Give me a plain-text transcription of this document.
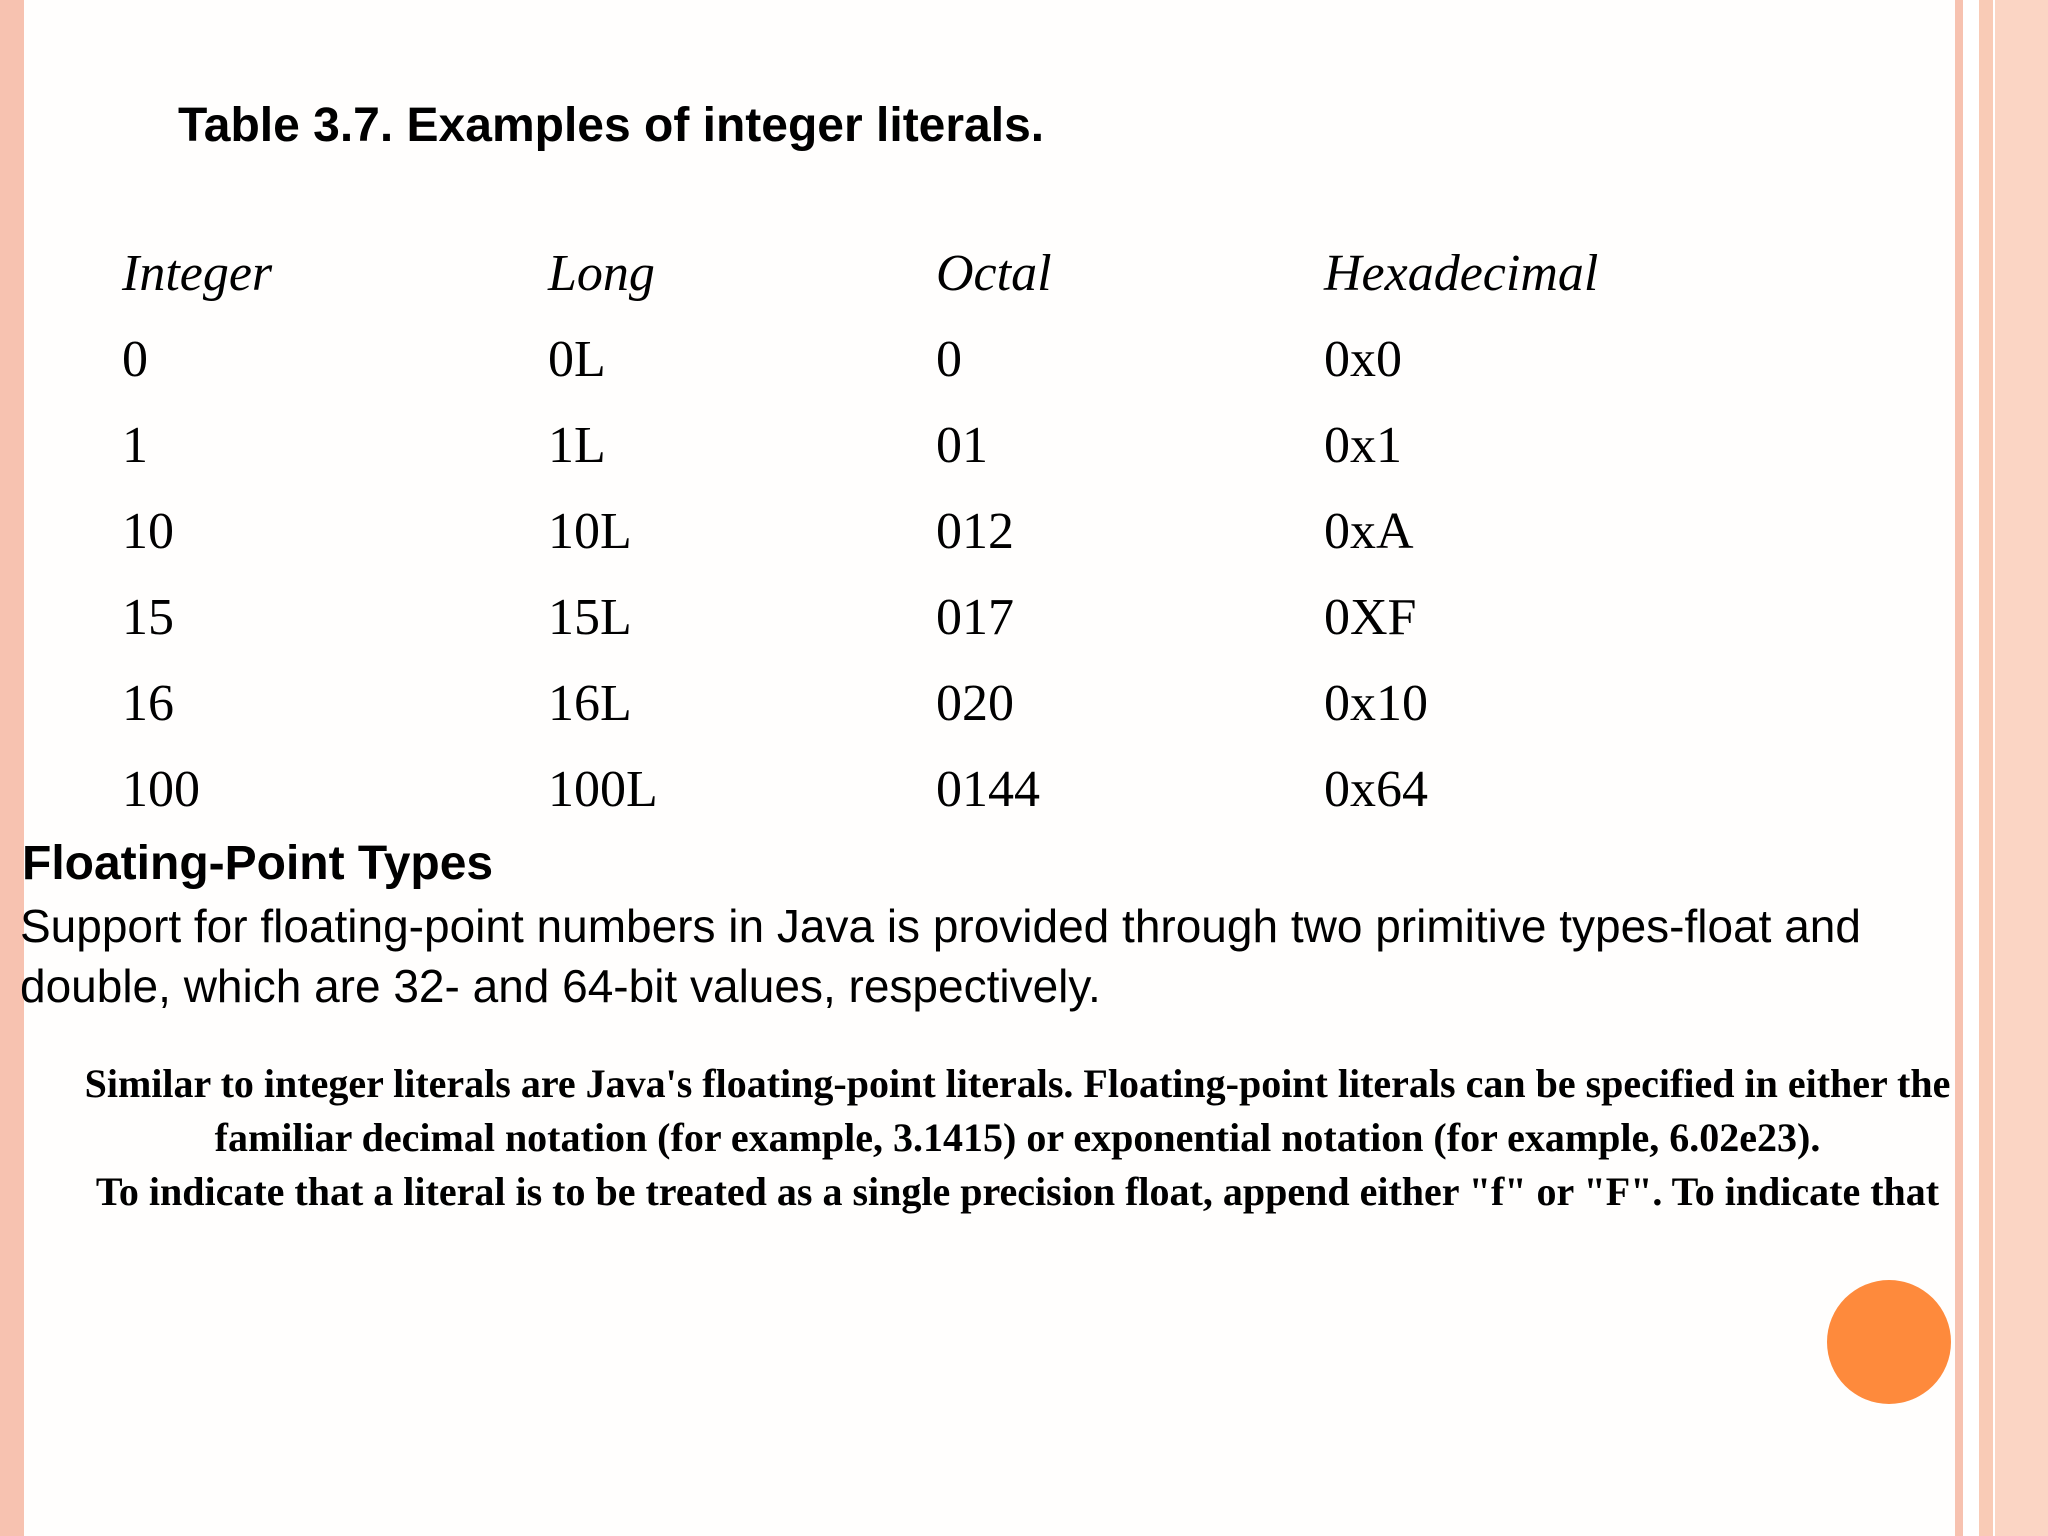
Table 3.7. Examples of integer literals.
Integer	Long	Octal	Hexadecimal
0	0L	0	0x0
1	1L	01	0x1
10	10L	012	0xA
15	15L	017	0XF
16	16L	020	0x10
100	100L	0144	0x64
Floating-Point Types

Support for floating-point numbers in Java is provided through two primitive types-float and double, which are 32- and 64-bit values, respectively.

Similar to integer literals are Java's floating-point literals. Floating-point literals can be specified in either the familiar decimal notation (for example, 3.1415) or exponential notation (for example, 6.02e23).

To indicate that a literal is to be treated as a single precision float, append either "f" or "F". To indicate that
